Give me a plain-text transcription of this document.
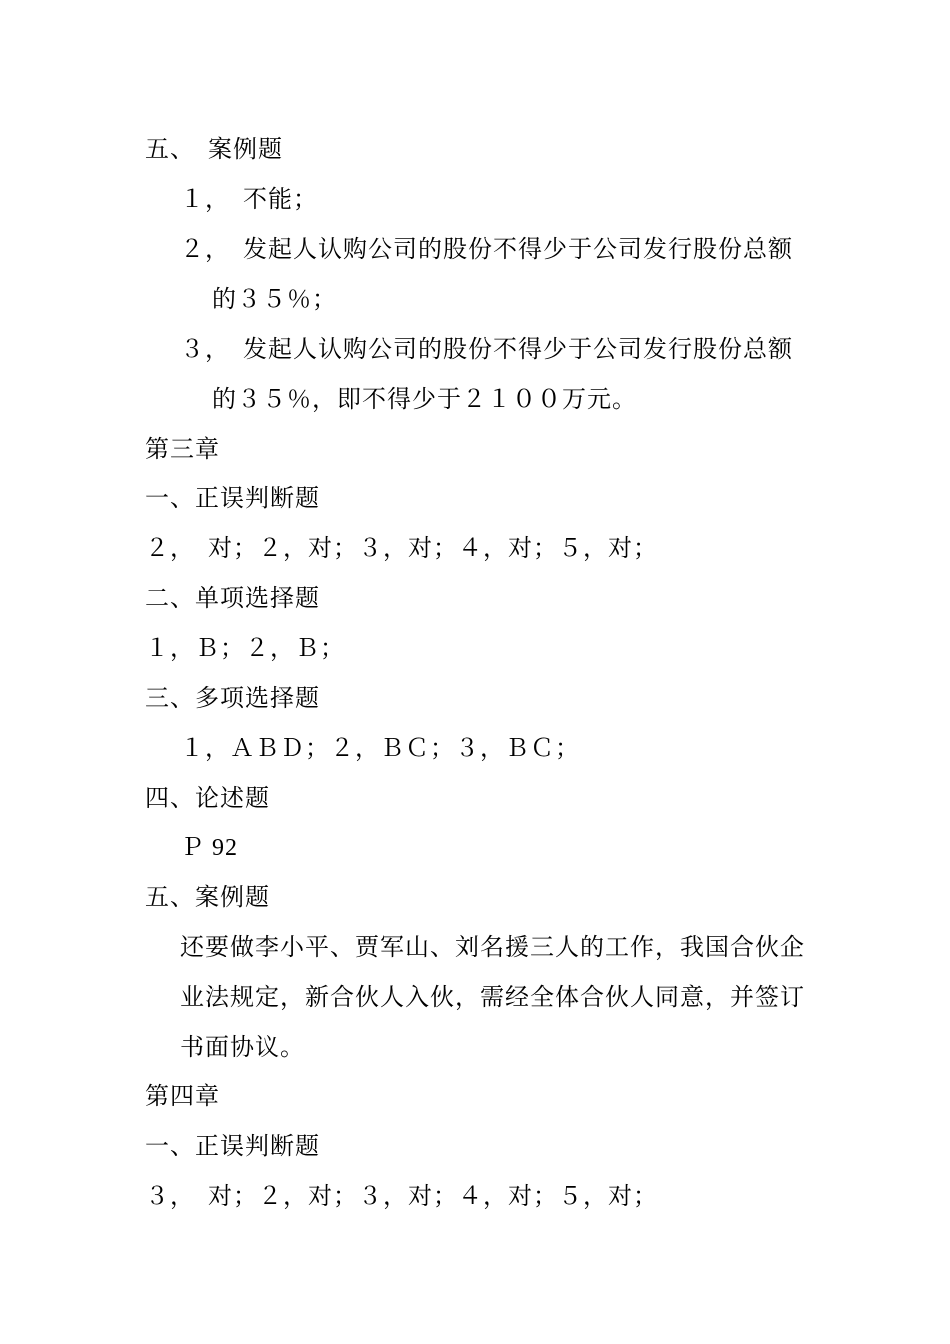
五、　案例题
１，　不能；
２，　发起人认购公司的股份不得少于公司发行股份总额
的３５％；
３，　发起人认购公司的股份不得少于公司发行股份总额
的３５％，即不得少于２１００万元。
第三章
一、正误判断题
２，　对；２，对；３，对；４，对；５，对；
二、单项选择题
１，Ｂ；２，Ｂ；
三、多项选择题
１，ＡＢＤ；２，ＢＣ；３，ＢＣ；
四、论述题
Ｐ 92
五、案例题
还要做李小平、贾军山、刘名援三人的工作，我国合伙企
业法规定，新合伙人入伙，需经全体合伙人同意，并签订
书面协议。
第四章
一、正误判断题
３，　对；２，对；３，对；４，对；５，对；
